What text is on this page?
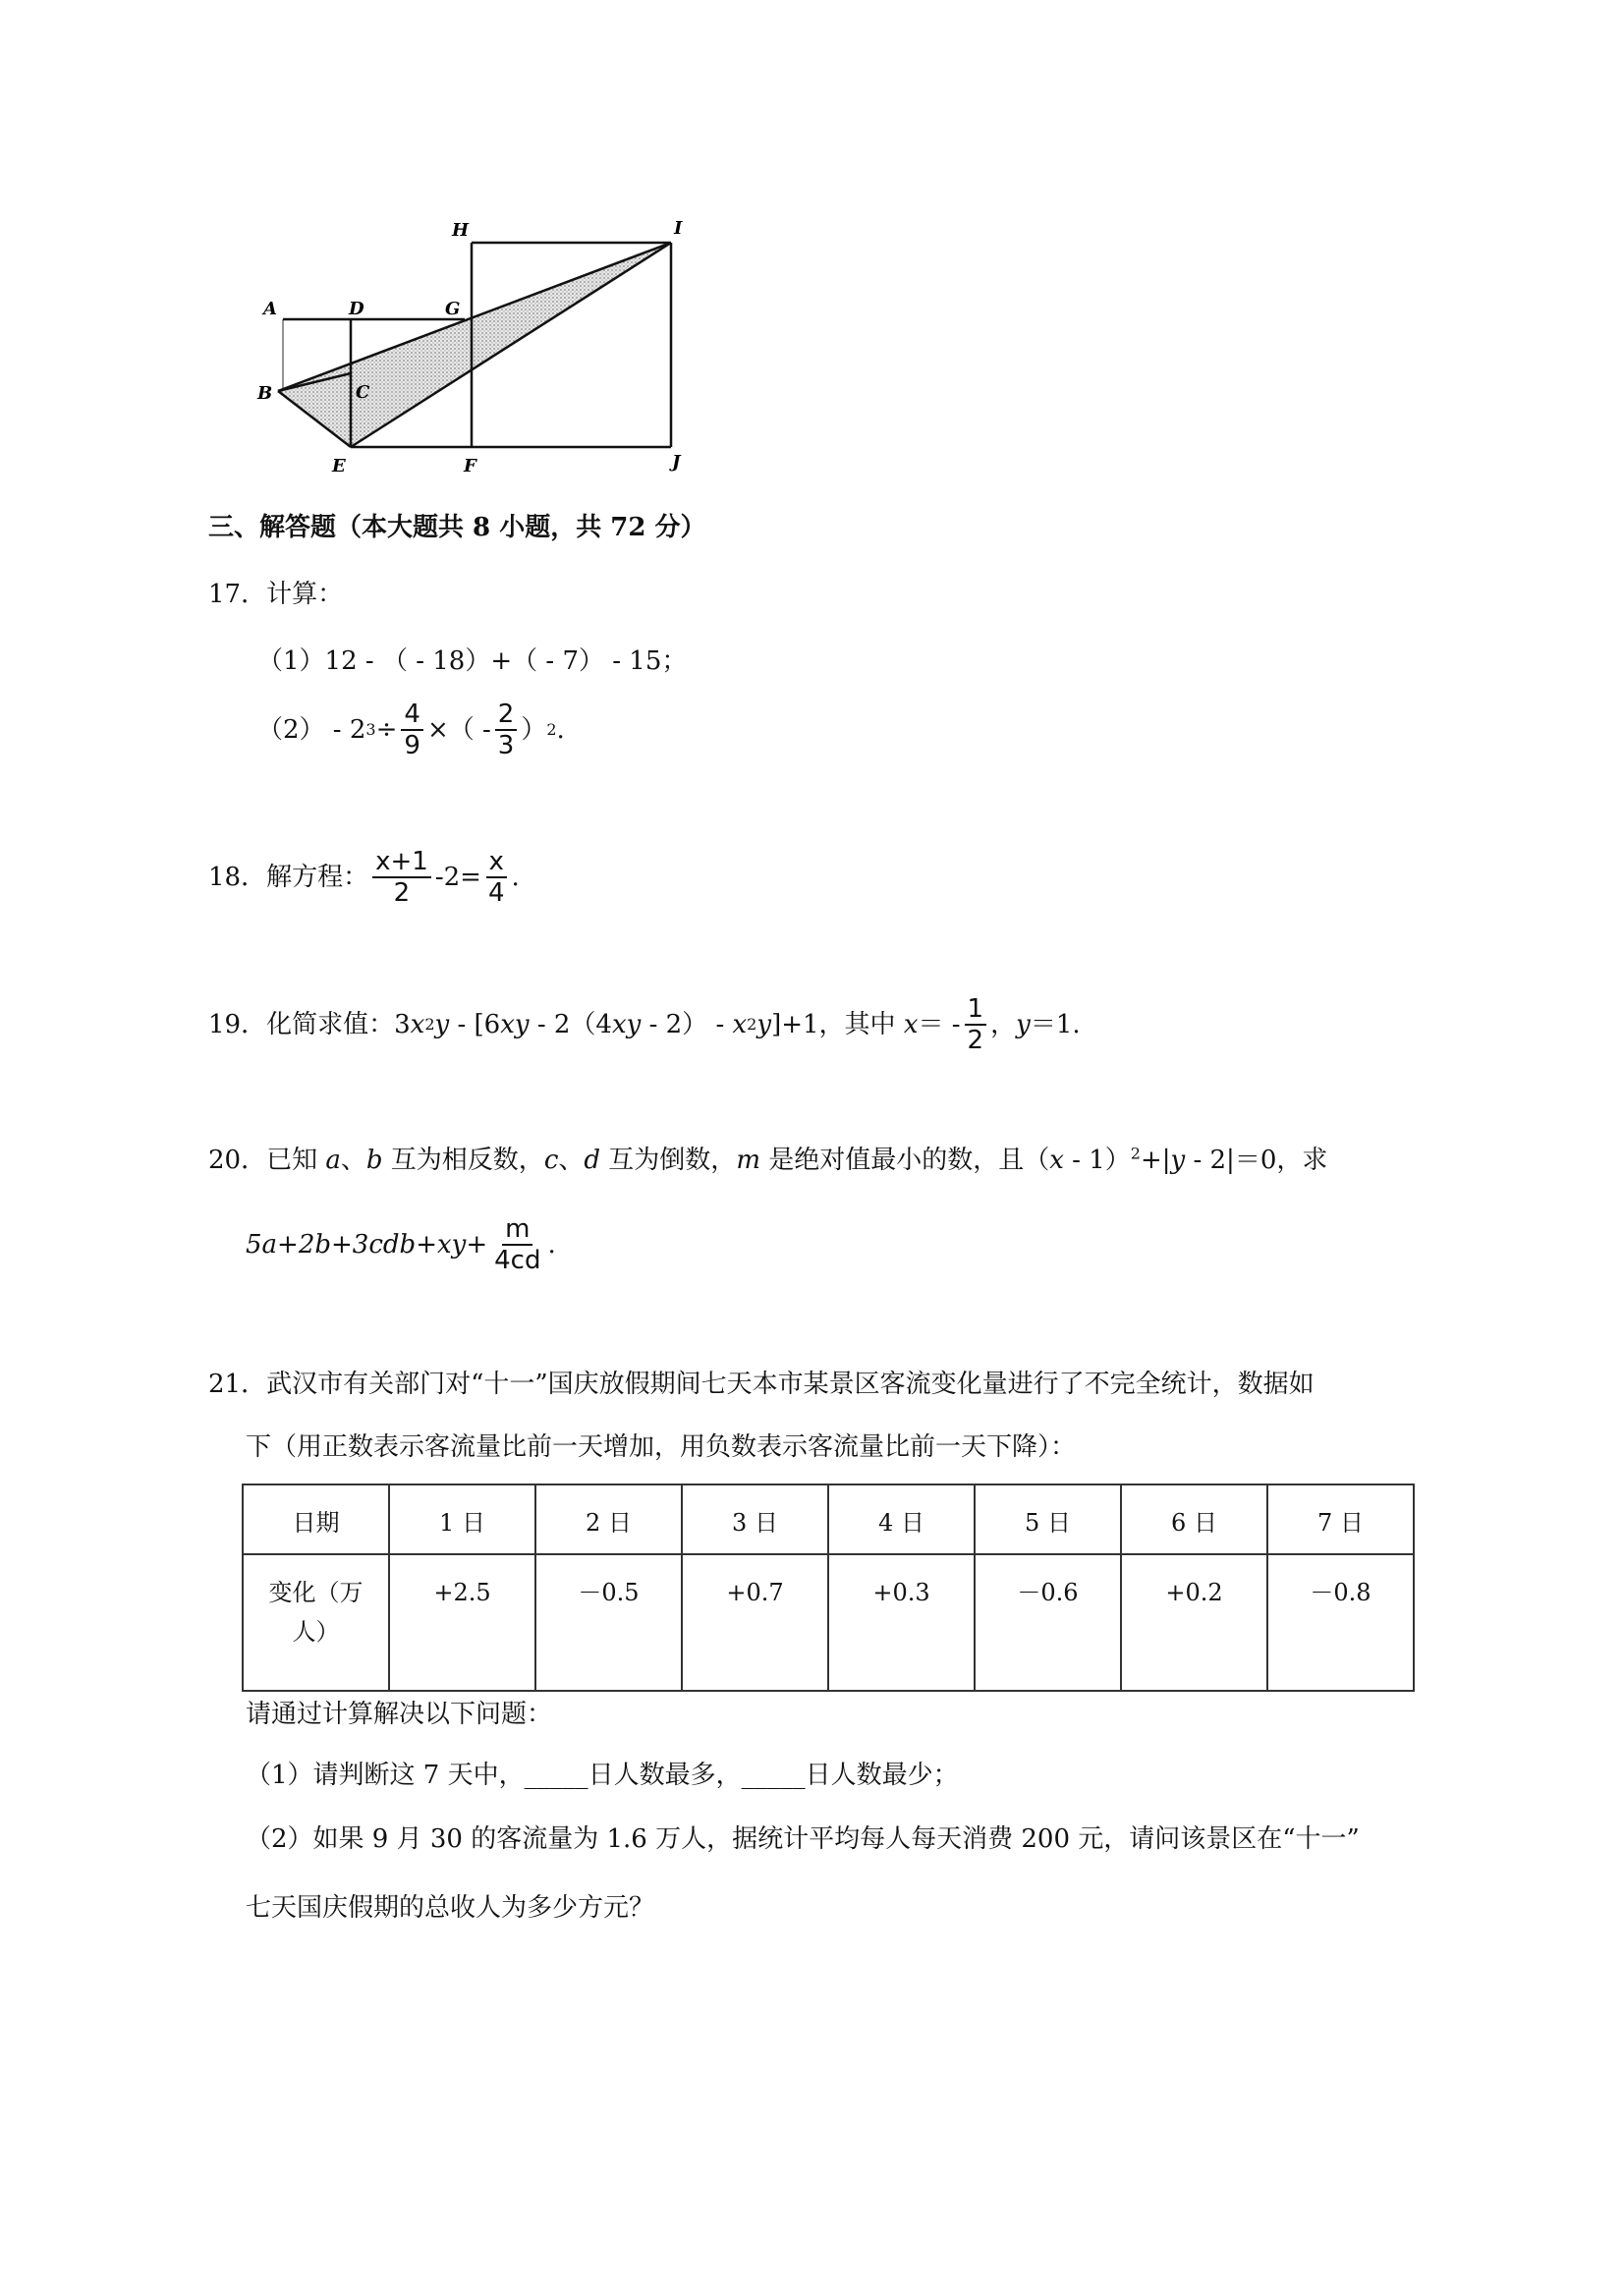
A
B	C
D
E	F
G
H	I
J
三、解答题（本大题共 8 小题，共 72 分）
17．计算：
（1）12 - （ - 18）+（ - 7） - 15；
（2） - 2 $3 \div \frac{4}{9}$ ×（ - $\frac{2}{3}$ ） 2 .
18．解方程： $\frac{x+1}{2} -2= \frac{x}{4}$ .
19．化简求值：3 x 2 y - [6 xy - 2（4 xy - 2） - x 2 y ]+1，其中 x ＝ - $\frac{1}{2}$ ， y ＝1.
20．已知 a、b 互为相反数，c、d 互为倒数，m 是绝对值最小的数，且（x - 1）$^2$+|y - 2|＝0，求
$5a+2b+3cdb+xy + \frac{m}{4cd}$ .
21．武汉市有关部门对“十一”国庆放假期间七天本市某景区客流变化量进行了不完全统计，数据如
下（用正数表示客流量比前一天增加，用负数表示客流量比前一天下降）：
日期	1 日	2 日	3 日	4 日	5 日	6 日	7 日

变化（万
人）	+2.5	－0.5	+0.7	+0.3	－0.6	+0.2	－0.8
请通过计算解决以下问题：
（1）请判断这 7 天中，_____日人数最多，_____日人数最少；
（2）如果 9 月 30 的客流量为 1.6 万人，据统计平均每人每天消费 200 元，请问该景区在“十一”
七天国庆假期的总收人为多少方元？
